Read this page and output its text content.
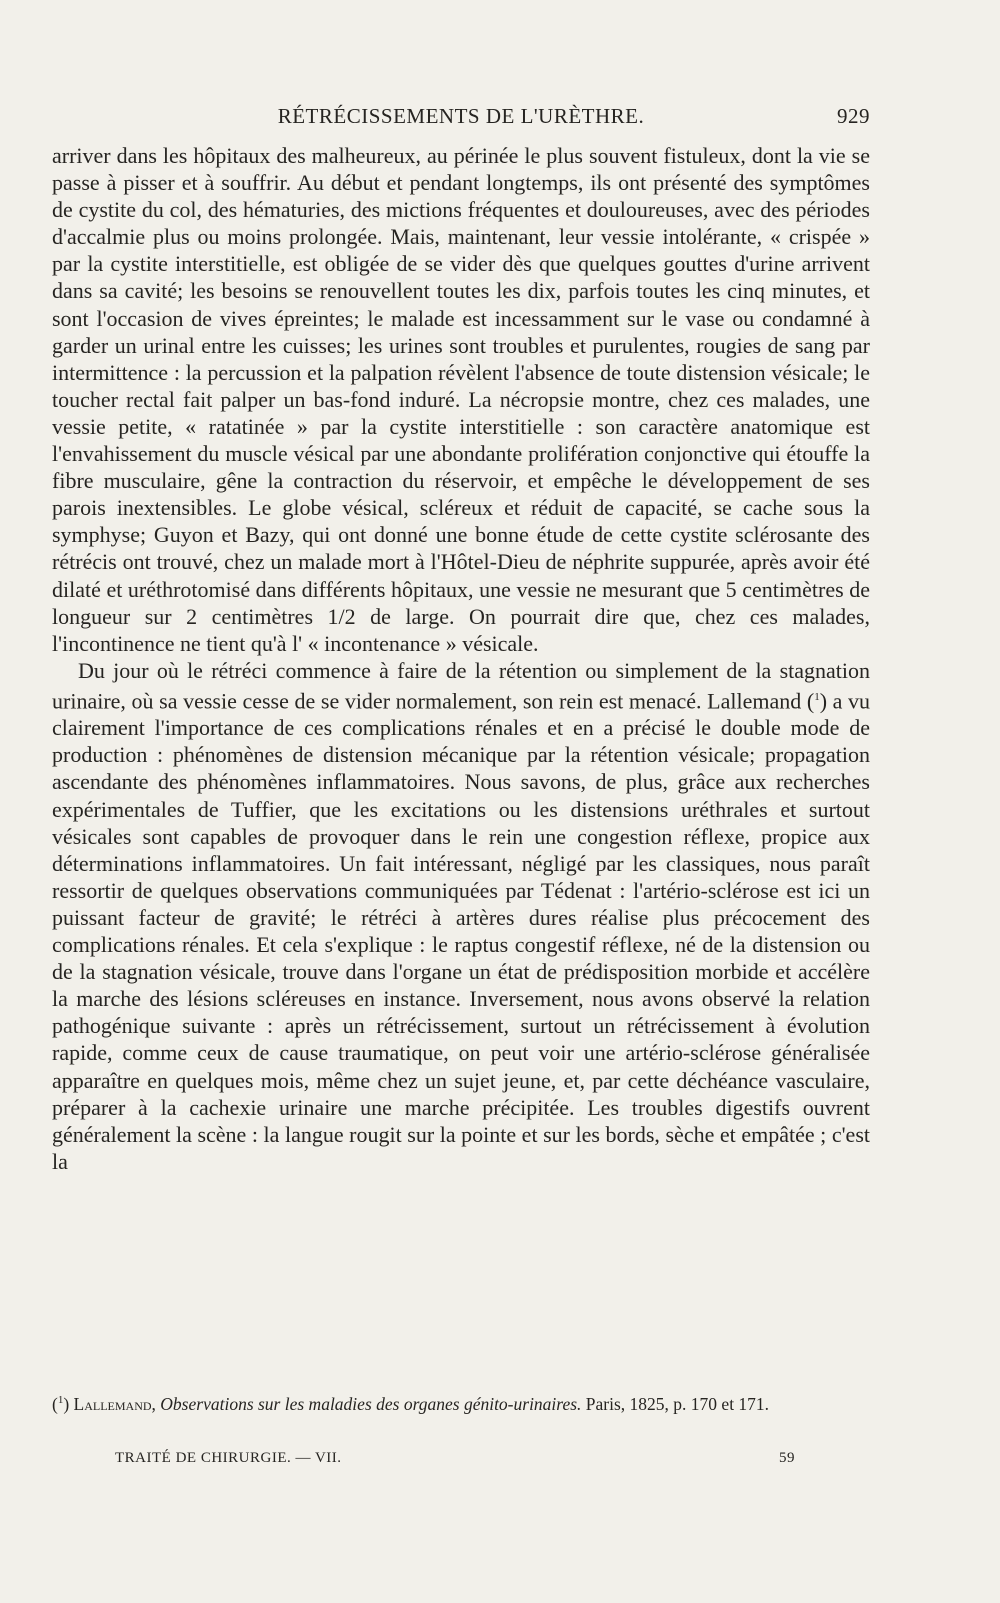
RÉTRÉCISSEMENTS DE L'URÈTHRE.	929

arriver dans les hôpitaux des malheureux, au périnée le plus souvent fistuleux, dont la vie se passe à pisser et à souffrir. Au début et pendant longtemps, ils ont présenté des symptômes de cystite du col, des hématuries, des mictions fréquentes et douloureuses, avec des périodes d'accalmie plus ou moins prolongée. Mais, maintenant, leur vessie intolérante, « crispée » par la cystite interstitielle, est obligée de se vider dès que quelques gouttes d'urine arrivent dans sa cavité; les besoins se renouvellent toutes les dix, parfois toutes les cinq minutes, et sont l'occasion de vives épreintes; le malade est incessamment sur le vase ou condamné à garder un urinal entre les cuisses; les urines sont troubles et purulentes, rougies de sang par intermittence : la percussion et la palpation révèlent l'absence de toute distension vésicale; le toucher rectal fait palper un bas-fond induré. La nécropsie montre, chez ces malades, une vessie petite, « ratatinée » par la cystite interstitielle : son caractère anatomique est l'envahissement du muscle vésical par une abondante prolifération conjonctive qui étouffe la fibre musculaire, gêne la contraction du réservoir, et empêche le développement de ses parois inextensibles. Le globe vésical, scléreux et réduit de capacité, se cache sous la symphyse; Guyon et Bazy, qui ont donné une bonne étude de cette cystite sclérosante des rétrécis ont trouvé, chez un malade mort à l'Hôtel-Dieu de néphrite suppurée, après avoir été dilaté et uréthrotomisé dans différents hôpitaux, une vessie ne mesurant que 5 centimètres de longueur sur 2 centimètres 1/2 de large. On pourrait dire que, chez ces malades, l'incontinence ne tient qu'à l' « incontenance » vésicale.

Du jour où le rétréci commence à faire de la rétention ou simplement de la stagnation urinaire, où sa vessie cesse de se vider normalement, son rein est menacé. Lallemand ($^1$) a vu clairement l'importance de ces complications rénales et en a précisé le double mode de production : phénomènes de distension mécanique par la rétention vésicale; propagation ascendante des phénomènes inflammatoires. Nous savons, de plus, grâce aux recherches expérimentales de Tuffier, que les excitations ou les distensions uréthrales et surtout vésicales sont capables de provoquer dans le rein une congestion réflexe, propice aux déterminations inflammatoires. Un fait intéressant, négligé par les classiques, nous paraît ressortir de quelques observations communiquées par Tédenat : l'artério-sclérose est ici un puissant facteur de gravité; le rétréci à artères dures réalise plus précocement des complications rénales. Et cela s'explique : le raptus congestif réflexe, né de la distension ou de la stagnation vésicale, trouve dans l'organe un état de prédisposition morbide et accélère la marche des lésions scléreuses en instance. Inversement, nous avons observé la relation pathogénique suivante : après un rétrécissement, surtout un rétrécissement à évolution rapide, comme ceux de cause traumatique, on peut voir une artério-sclérose généralisée apparaître en quelques mois, même chez un sujet jeune, et, par cette déchéance vasculaire, préparer à la cachexie urinaire une marche précipitée. Les troubles digestifs ouvrent généralement la scène : la langue rougit sur la pointe et sur les bords, sèche et empâtée ; c'est la

($^1$) Lallemand, Observations sur les maladies des organes génito-urinaires. Paris, 1825, p. 170 et 171.
TRAITÉ DE CHIRURGIE. — VII.	59
